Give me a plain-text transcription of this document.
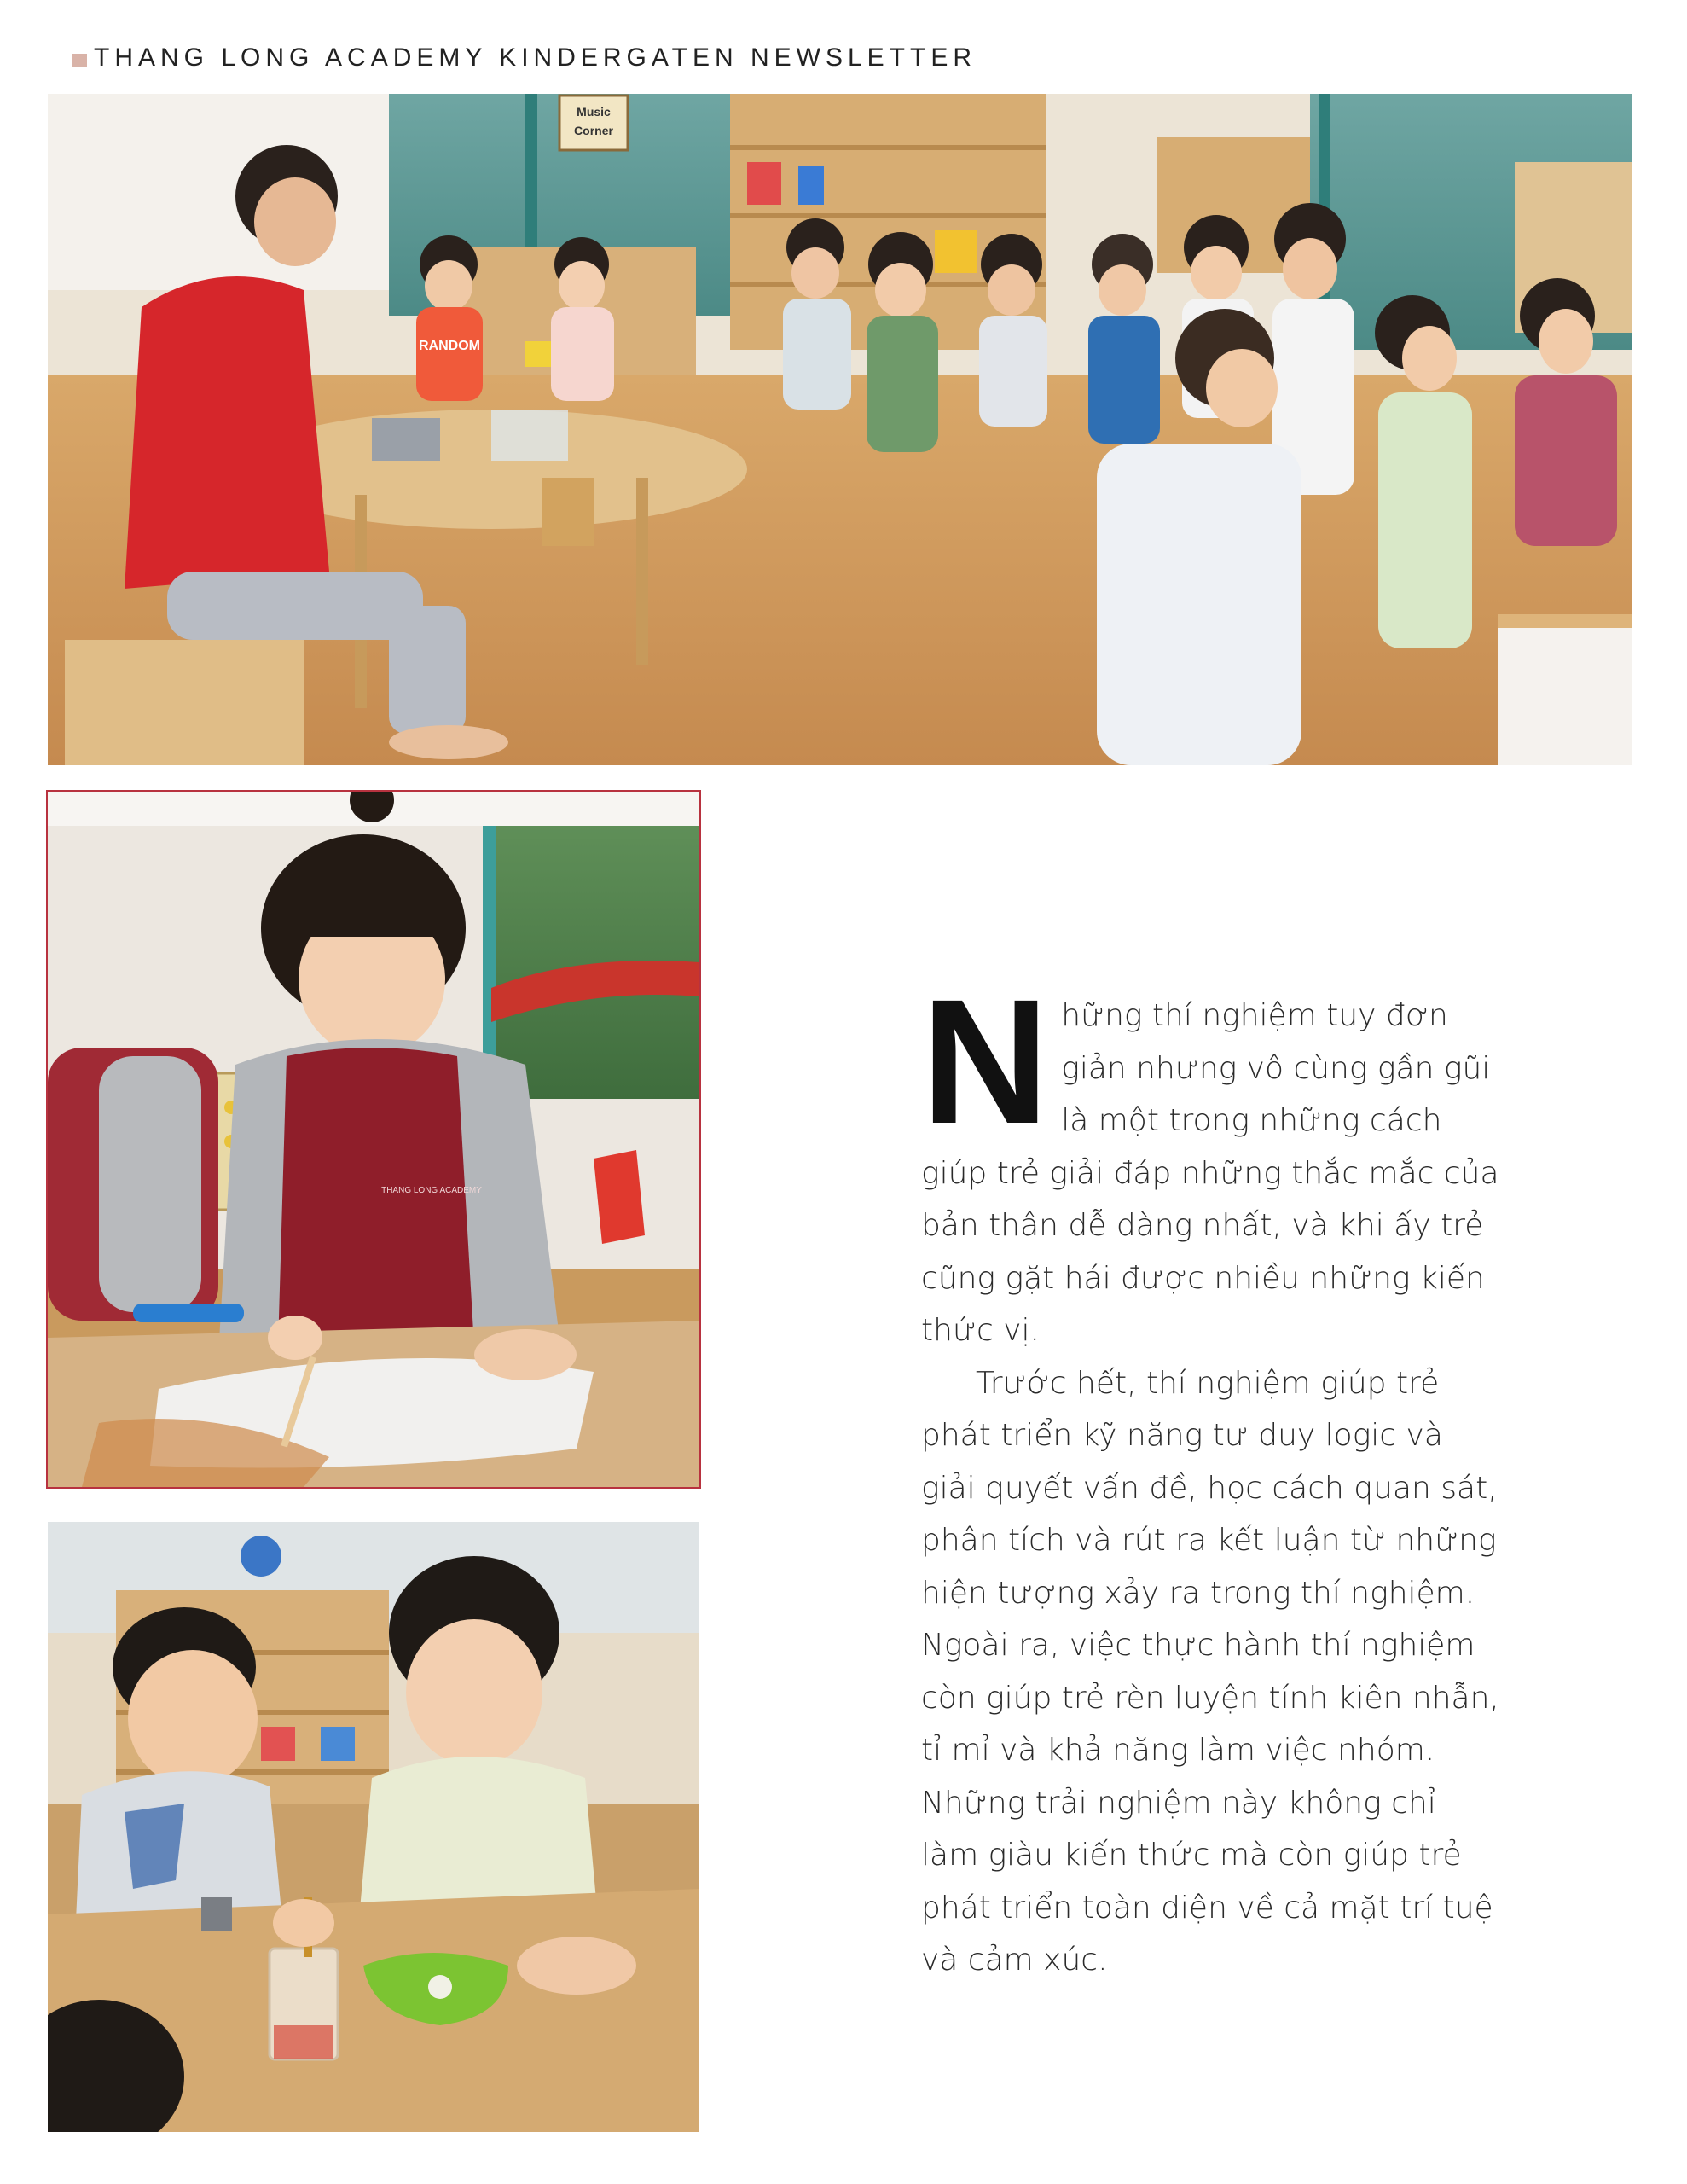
THANG LONG ACADEMY KINDERGATEN NEWSLETTER
Music
Corner
RANDOM
THANG LONG ACADEMY
N hững thí nghiệm tuy đơn giản nhưng vô cùng gần gũi là một trong những cách giúp trẻ giải đáp những thắc mắc của bản thân dễ dàng nhất, và khi ấy trẻ cũng gặt hái được nhiều những kiến thức vị.

Trước hết, thí nghiệm giúp trẻ phát triển kỹ năng tư duy logic và giải quyết vấn đề, học cách quan sát, phân tích và rút ra kết luận từ những hiện tượng xảy ra trong thí nghiệm. Ngoài ra, việc thực hành thí nghiệm còn giúp trẻ rèn luyện tính kiên nhẫn, tỉ mỉ và khả năng làm việc nhóm. Những trải nghiệm này không chỉ làm giàu kiến thức mà còn giúp trẻ phát triển toàn diện về cả mặt trí tuệ và cảm xúc.
